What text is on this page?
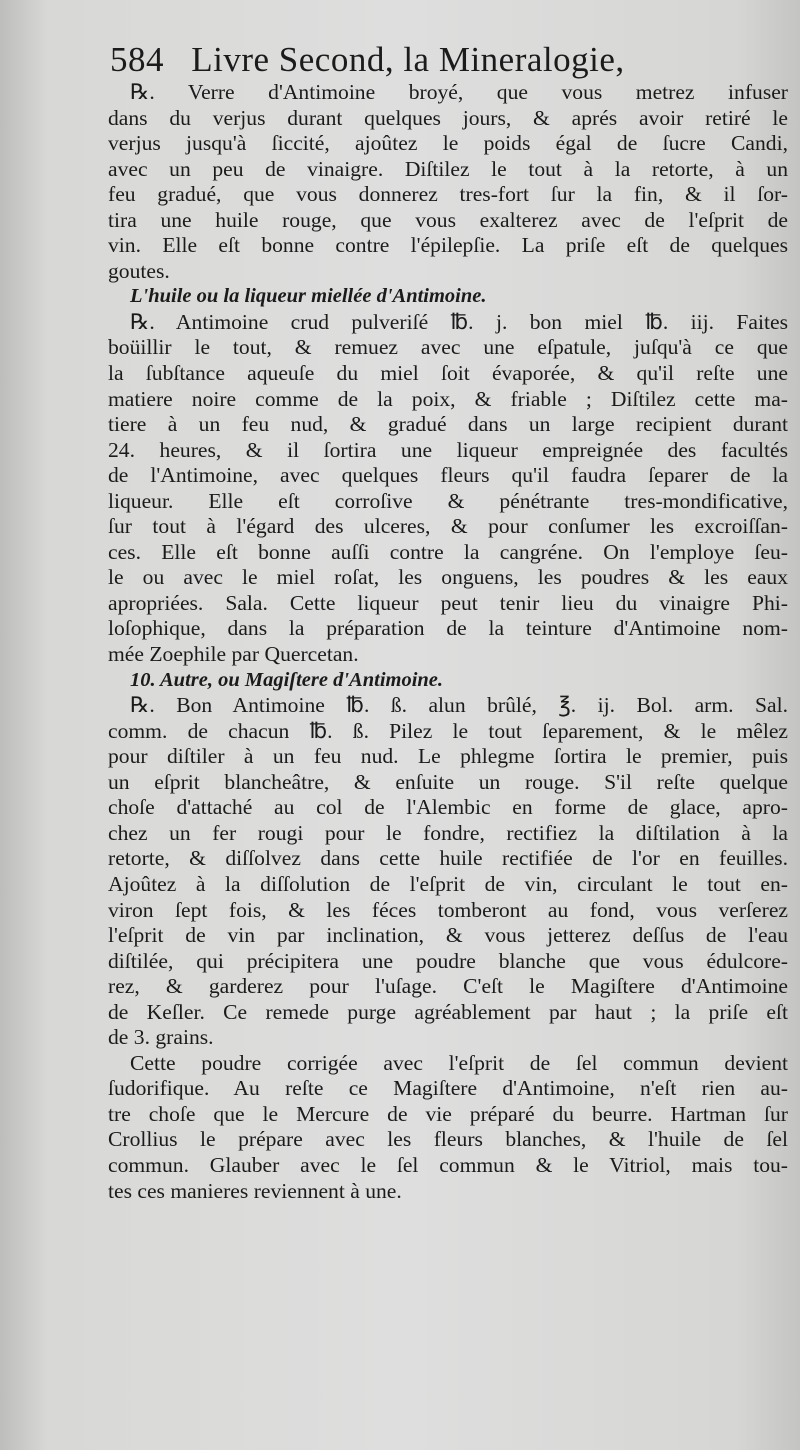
584 Livre Second, la Mineralogie,
℞. Verre d'Antimoine broyé, que vous metrez infuser
dans du verjus durant quelques jours, & aprés avoir retiré le
verjus jusqu'à ſiccité, ajoûtez le poids égal de ſucre Candi,
avec un peu de vinaigre. Diſtilez le tout à la retorte, à un
feu gradué, que vous donnerez tres-fort ſur la fin, & il ſor-
tira une huile rouge, que vous exalterez avec de l'eſprit de
vin. Elle eſt bonne contre l'épilepſie. La priſe eſt de quelques
goutes.
L'huile ou la liqueur miellée d'Antimoine.
℞. Antimoine crud pulveriſé ℔. j. bon miel ℔. iij. Faites
boüillir le tout, & remuez avec une eſpatule, juſqu'à ce que
la ſubſtance aqueuſe du miel ſoit évaporée, & qu'il reſte une
matiere noire comme de la poix, & friable ; Diſtilez cette ma-
tiere à un feu nud, & gradué dans un large recipient durant
24. heures, & il ſortira une liqueur empreignée des facultés
de l'Antimoine, avec quelques fleurs qu'il faudra ſeparer de la
liqueur. Elle eſt corroſive & pénétrante tres-mondificative,
ſur tout à l'égard des ulceres, & pour conſumer les excroiſſan-
ces. Elle eſt bonne auſſi contre la cangréne. On l'employe ſeu-
le ou avec le miel roſat, les onguens, les poudres & les eaux
apropriées. Sala. Cette liqueur peut tenir lieu du vinaigre Phi-
loſophique, dans la préparation de la teinture d'Antimoine nom-
mée Zoephile par Quercetan.
10. Autre, ou Magiſtere d'Antimoine.
℞. Bon Antimoine ℔. ß. alun brûlé, ℥. ij. Bol. arm. Sal.
comm. de chacun ℔. ß. Pilez le tout ſeparement, & le mêlez
pour diſtiler à un feu nud. Le phlegme ſortira le premier, puis
un eſprit blancheâtre, & enſuite un rouge. S'il reſte quelque
choſe d'attaché au col de l'Alembic en forme de glace, apro-
chez un fer rougi pour le fondre, rectifiez la diſtilation à la
retorte, & diſſolvez dans cette huile rectifiée de l'or en feuilles.
Ajoûtez à la diſſolution de l'eſprit de vin, circulant le tout en-
viron ſept fois, & les féces tomberont au fond, vous verſerez
l'eſprit de vin par inclination, & vous jetterez deſſus de l'eau
diſtilée, qui précipitera une poudre blanche que vous édulcore-
rez, & garderez pour l'uſage. C'eſt le Magiſtere d'Antimoine
de Keſler. Ce remede purge agréablement par haut ; la priſe eſt
de 3. grains.
Cette poudre corrigée avec l'eſprit de ſel commun devient
ſudorifique. Au reſte ce Magiſtere d'Antimoine, n'eſt rien au-
tre choſe que le Mercure de vie préparé du beurre. Hartman ſur
Crollius le prépare avec les fleurs blanches, & l'huile de ſel
commun. Glauber avec le ſel commun & le Vitriol, mais tou-
tes ces manieres reviennent à une.
